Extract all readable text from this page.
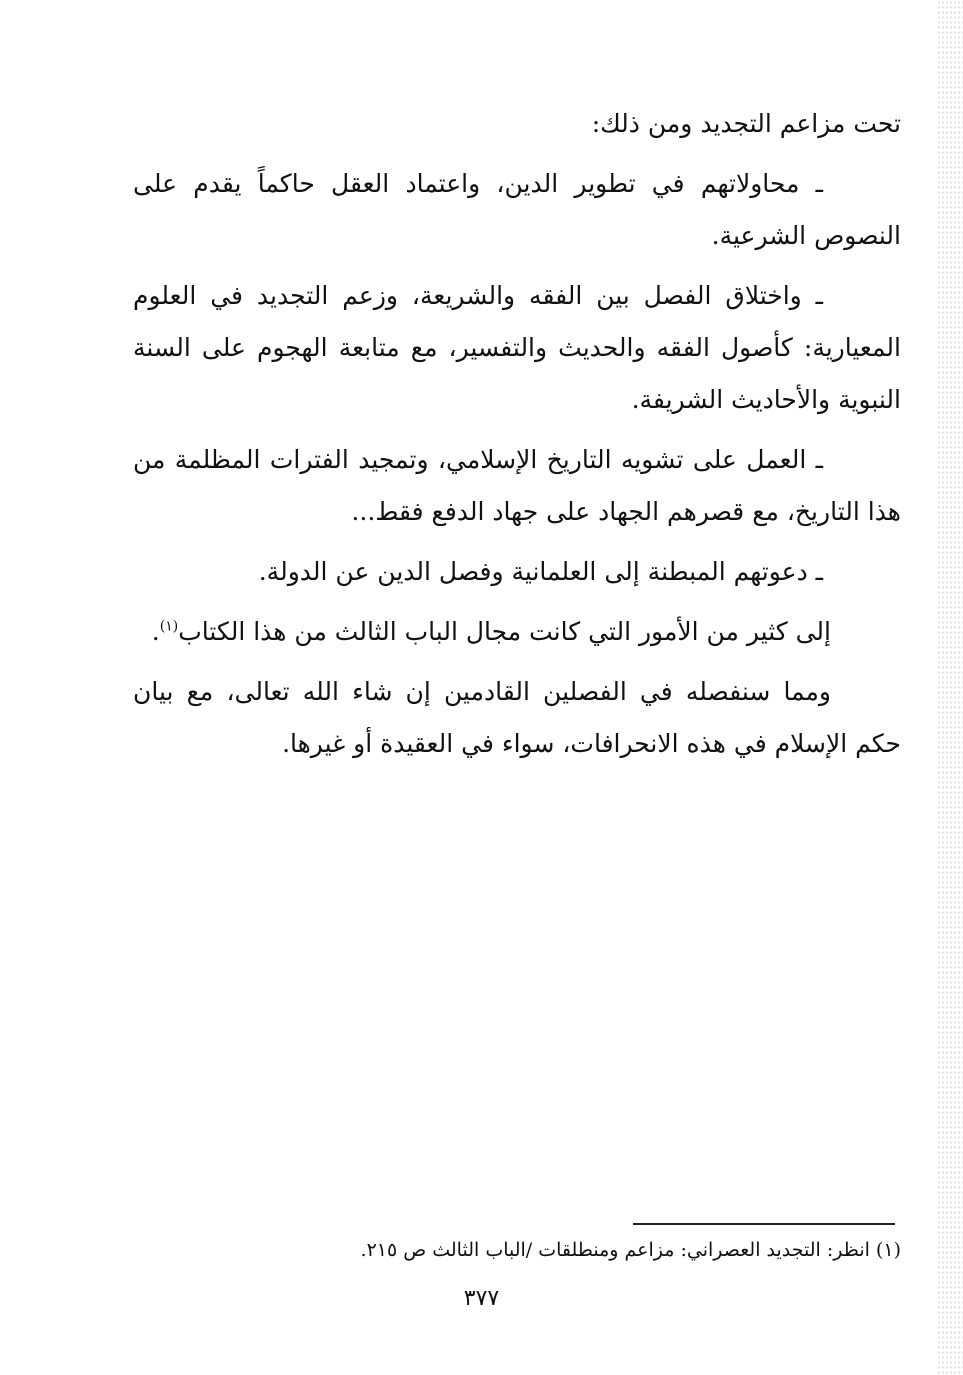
تحت مزاعم التجديد ومن ذلك:

ـ محاولاتهم في تطوير الدين، واعتماد العقل حاكماً يقدم على النصوص الشرعية.

ـ واختلاق الفصل بين الفقه والشريعة، وزعم التجديد في العلوم المعيارية: كأصول الفقه والحديث والتفسير، مع متابعة الهجوم على السنة النبوية والأحاديث الشريفة.

ـ العمل على تشويه التاريخ الإسلامي، وتمجيد الفترات المظلمة من هذا التاريخ، مع قصرهم الجهاد على جهاد الدفع فقط...

ـ دعوتهم المبطنة إلى العلمانية وفصل الدين عن الدولة.

إلى كثير من الأمور التي كانت مجال الباب الثالث من هذا الكتاب$^{(١)}$.

ومما سنفصله في الفصلين القادمين إن شاء الله تعالى، مع بيان حكم الإسلام في هذه الانحرافات، سواء في العقيدة أو غيرها.

(١) انظر: التجديد العصراني: مزاعم ومنطلقات /الباب الثالث ص ٢١٥.
٣٧٧
